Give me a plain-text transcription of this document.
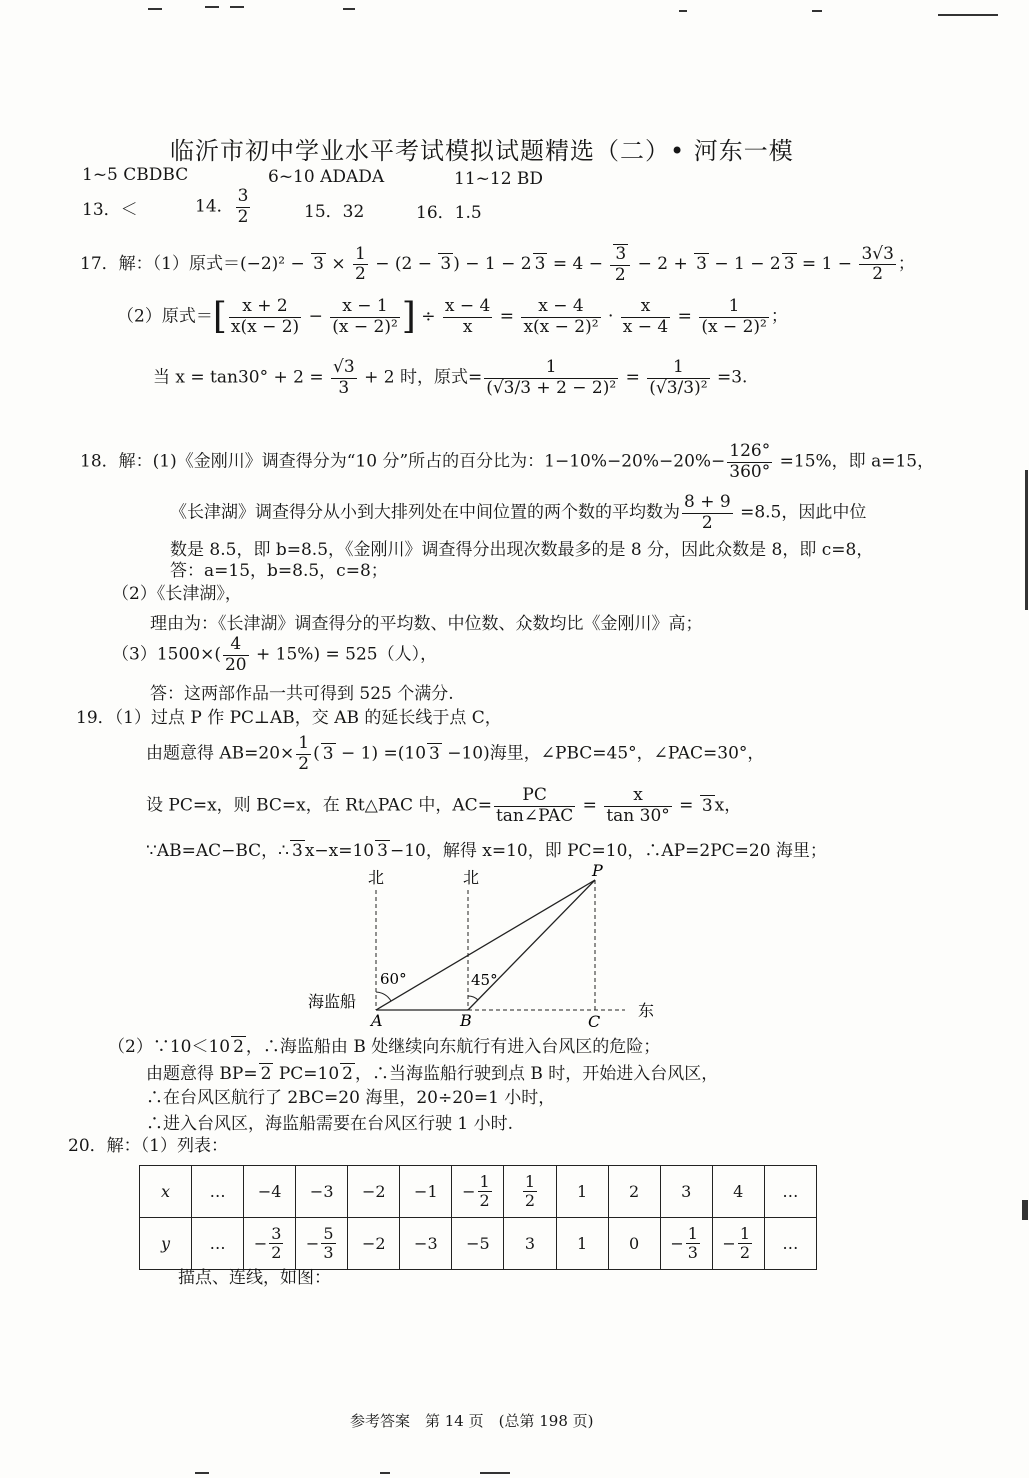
临沂市初中学业水平考试模拟试题精选（二）• 河东一模
1~5 CBDBC	6~10 ADADA	11~12 BD
13．＜	14． $\frac{3}{2}$	15．32	16．1.5
17．解：（1）原式$=(-2)^2 - 3 \times \frac{1}{2} - (2 - 3$ ) − 1 − 2 $3 = 4 - \frac{3}{2} - 2 + 3 - 1 - 2$ $3 = 1 - \frac{3√3}{2}$ ；
（2）原式＝[ $\frac{x + 2}{x(x - 2)} - \frac{x - 1}{\text{(x − 2)²}}$ ] ÷ $\frac{x - 4}{x} = \frac{x - 4}{\text{x(x − 2)²}} \cdot \frac{x}{x - 4} = \frac{1}{\text{(x − 2)²}}$ ；
当 $x = \tan 30^\circ + 2 = \frac{√3}{3} + 2$ 时，原式= $\frac{1}{\text{(√3/3 + 2 − 2)²}} = \frac{1}{\text{(√3/3)²}} =3$.
18．解：(1)《金刚川》调查得分为“10 分”所占的百分比为：$1-10\%-20\%-20\%- \frac{126^\circ}{360^\circ} =15\%$，即 a=15，
《长津湖》调查得分从小到大排列处在中间位置的两个数的平均数为 $\frac{8 + 9}{2} =8.5$，因此中位
数是 8.5，即 b=8.5，《金刚川》调查得分出现次数最多的是 8 分，因此众数是 8，即 c=8，
答：a=15，b=8.5，c=8；
（2）《长津湖》，
理由为：《长津湖》调查得分的平均数、中位数、众数均比《金刚川》高；
$(3)1500\times( \frac{4}{20} + 15\%) = 525$（人），
答：这两部作品一共可得到 525 个满分.
19．（1）过点 P 作 PC⊥AB，交 AB 的延长线于点 C，
由题意得 $AB=20\times \frac{1}{2}$ ( 3 − 1) =(10 3 −10)海里，∠PBC=45°，∠PAC=30°，
设 PC=x，则 BC=x，在 Rt△PAC 中，AC=
PC
tan∠PAC = $\frac{x}{\tan 30^\circ} = 3$ x，
∵AB=AC−BC，∴ 3 x−x=10 3 −10，解得 x=10，即 PC=10，∴AP=2PC=20 海里；
北	北	P
60°	45°
海监船
A	B	C
东
（2）∵10＜10 2 ，∴海监船由 B 处继续向东航行有进入台风区的危险；
由题意得 BP= 2 PC=10 2 ，∴当海监船行驶到点 B 时，开始进入台风区，
∴在台风区航行了 2BC=20 海里，20÷20=1 小时，
∴进入台风区，海监船需要在台风区行驶 1 小时.
20．解：（1）列表：
x	…	−4	−3	−2	−1	− $\frac{1}{2}$	$\frac{1}{2}$	1	2	3	4	…
y	…	− $\frac{3}{2}$	− $\frac{5}{3}$	−2	−3	−5	3	1	0	− $\frac{1}{3}$	− $\frac{1}{2}$	…
描点、连线，如图：
参考答案　第 14 页　(总第 198 页)
